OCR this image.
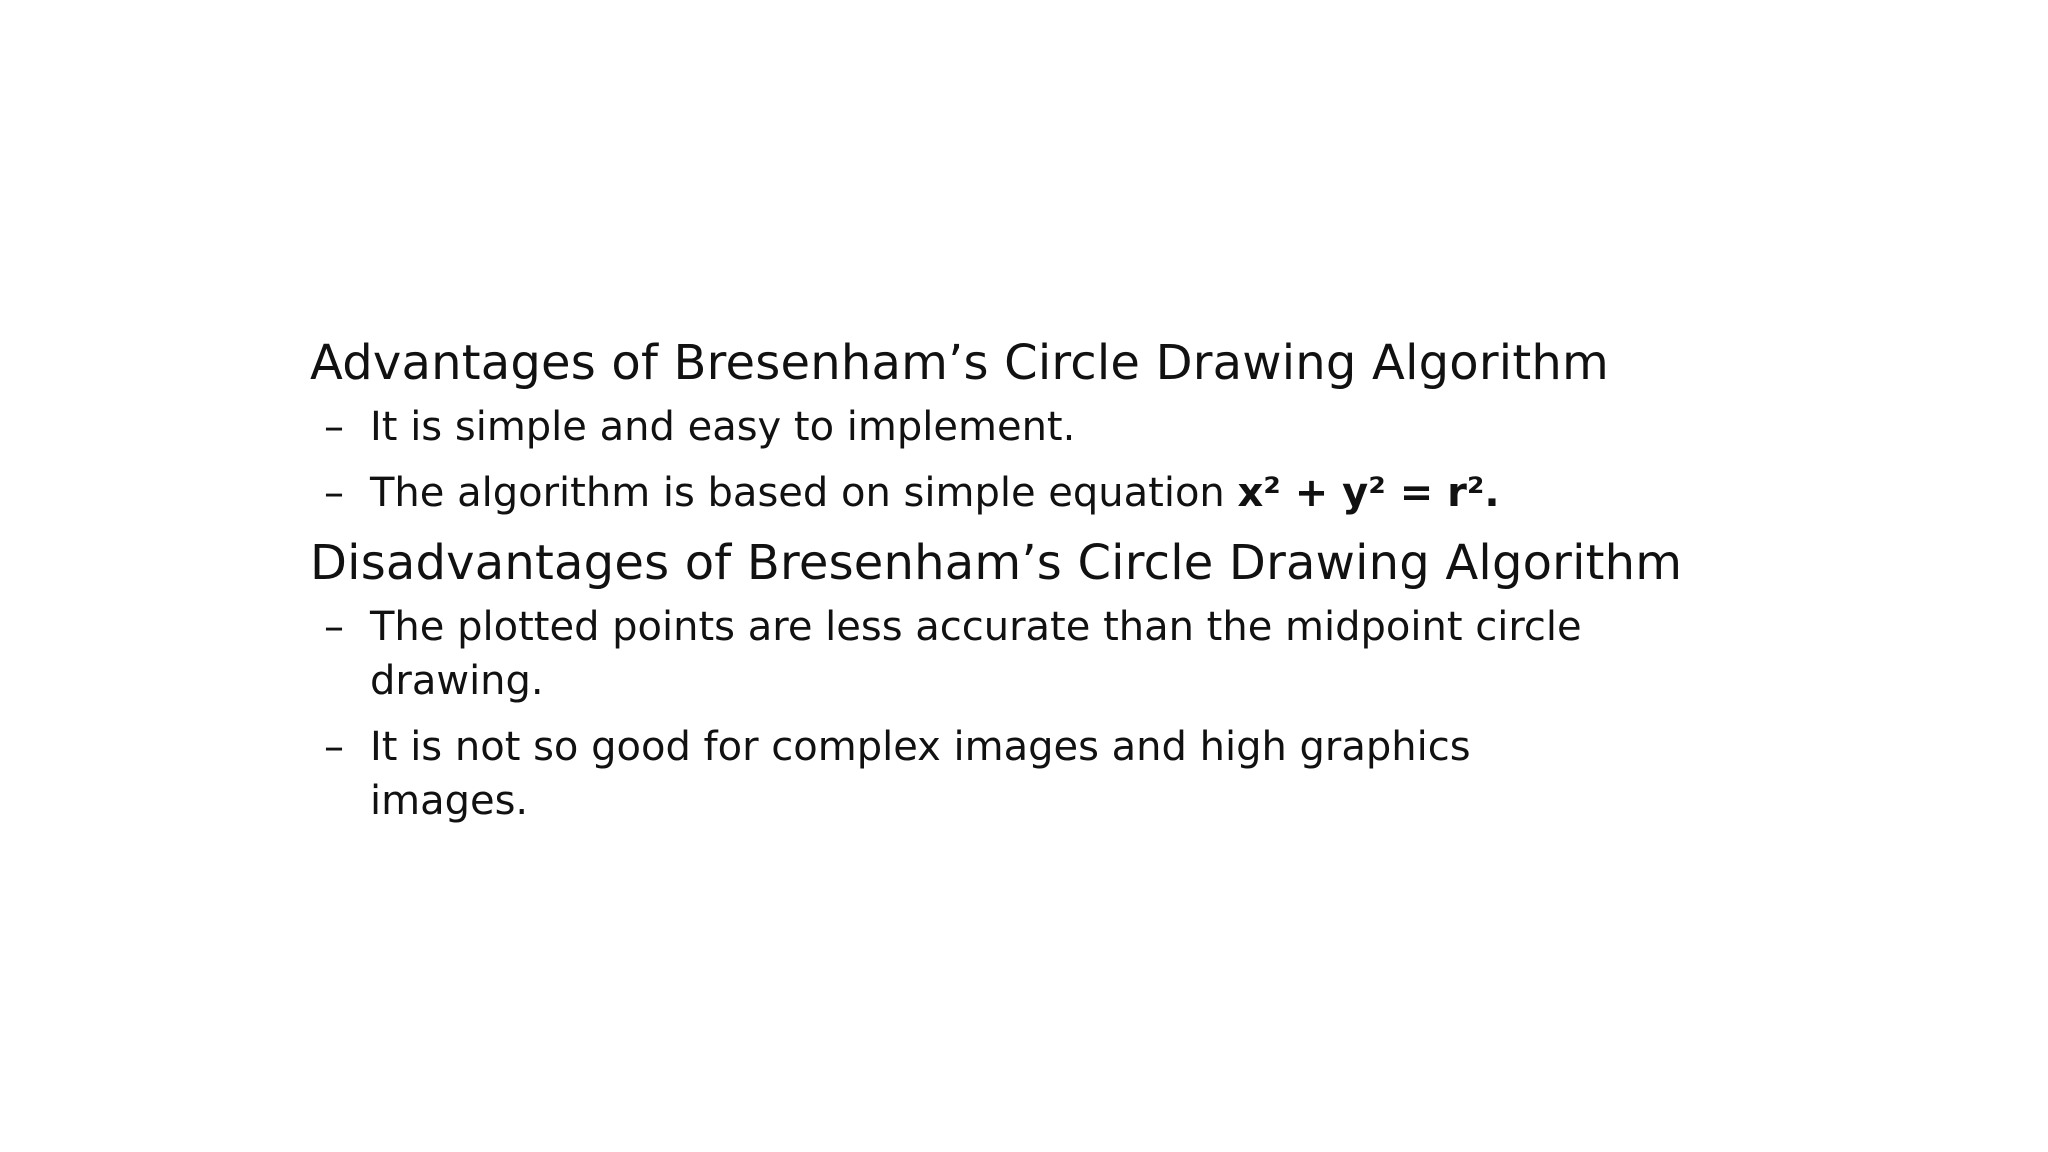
Advantages of Bresenham’s Circle Drawing Algorithm
– It is simple and easy to implement.
– The algorithm is based on simple equation x² + y² = r².
Disadvantages of Bresenham’s Circle Drawing Algorithm
– The plotted points are less accurate than the midpoint circle drawing.
– It is not so good for complex images and high graphics images.
